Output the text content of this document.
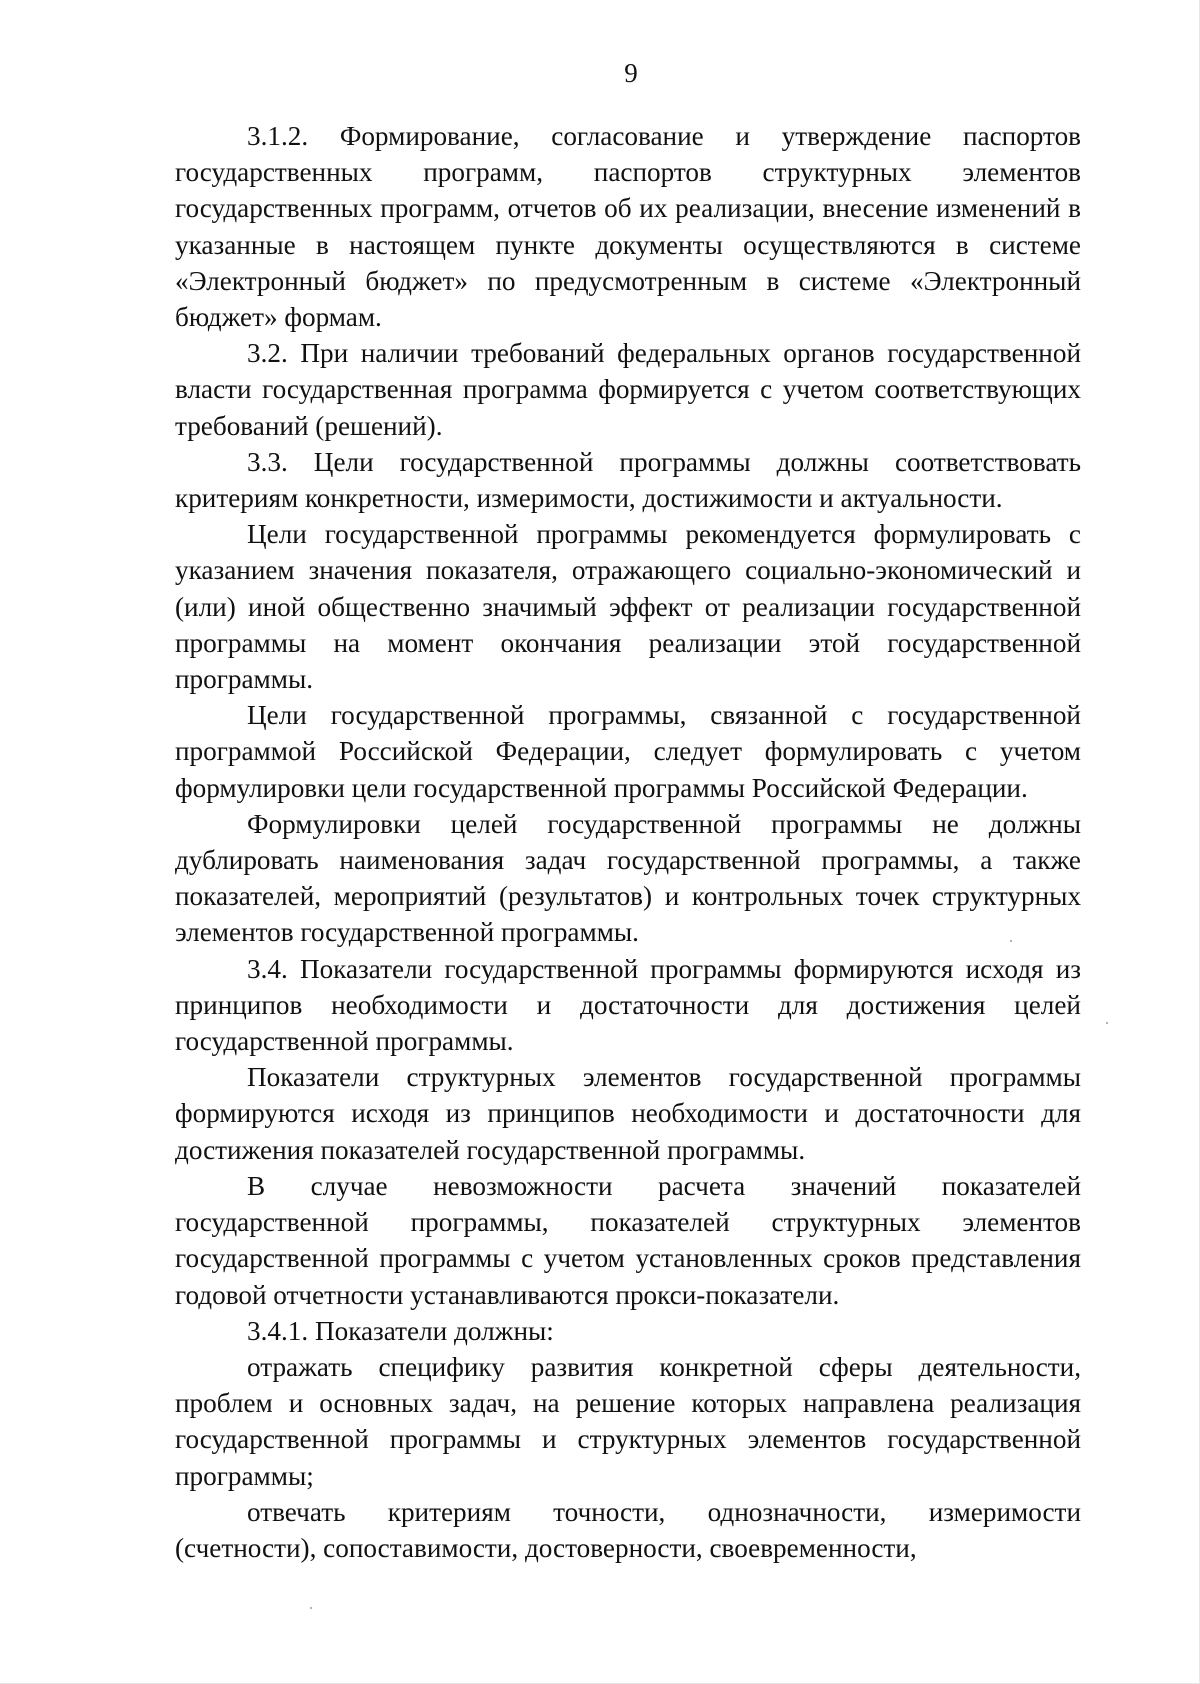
9

3.1.2. Формирование, согласование и утверждение паспортов государственных программ, паспортов структурных элементов государственных программ, отчетов об их реализации, внесение изменений в указанные в настоящем пункте документы осуществляются в системе «Электронный бюджет» по предусмотренным в системе «Электронный бюджет» формам.

3.2. При наличии требований федеральных органов государственной власти государственная программа формируется с учетом соответствующих требований (решений).

3.3. Цели государственной программы должны соответствовать критериям конкретности, измеримости, достижимости и актуальности.

Цели государственной программы рекомендуется формулировать с указанием значения показателя, отражающего социально-экономический и (или) иной общественно значимый эффект от реализации государственной программы на момент окончания реализации этой государственной программы.

Цели государственной программы, связанной с государственной программой Российской Федерации, следует формулировать с учетом формулировки цели государственной программы Российской Федерации.

Формулировки целей государственной программы не должны дублировать наименования задач государственной программы, а также показателей, мероприятий (результатов) и контрольных точек структурных элементов государственной программы.

3.4. Показатели государственной программы формируются исходя из принципов необходимости и достаточности для достижения целей государственной программы.

Показатели структурных элементов государственной программы формируются исходя из принципов необходимости и достаточности для достижения показателей государственной программы.

В случае невозможности расчета значений показателей государственной программы, показателей структурных элементов государственной программы с учетом установленных сроков представления годовой отчетности устанавливаются прокси-показатели.

3.4.1. Показатели должны:

отражать специфику развития конкретной сферы деятельности, проблем и основных задач, на решение которых направлена реализация государственной программы и структурных элементов государственной программы;

отвечать критериям точности, однозначности, измеримости (счетности), сопоставимости, достоверности, своевременности,
